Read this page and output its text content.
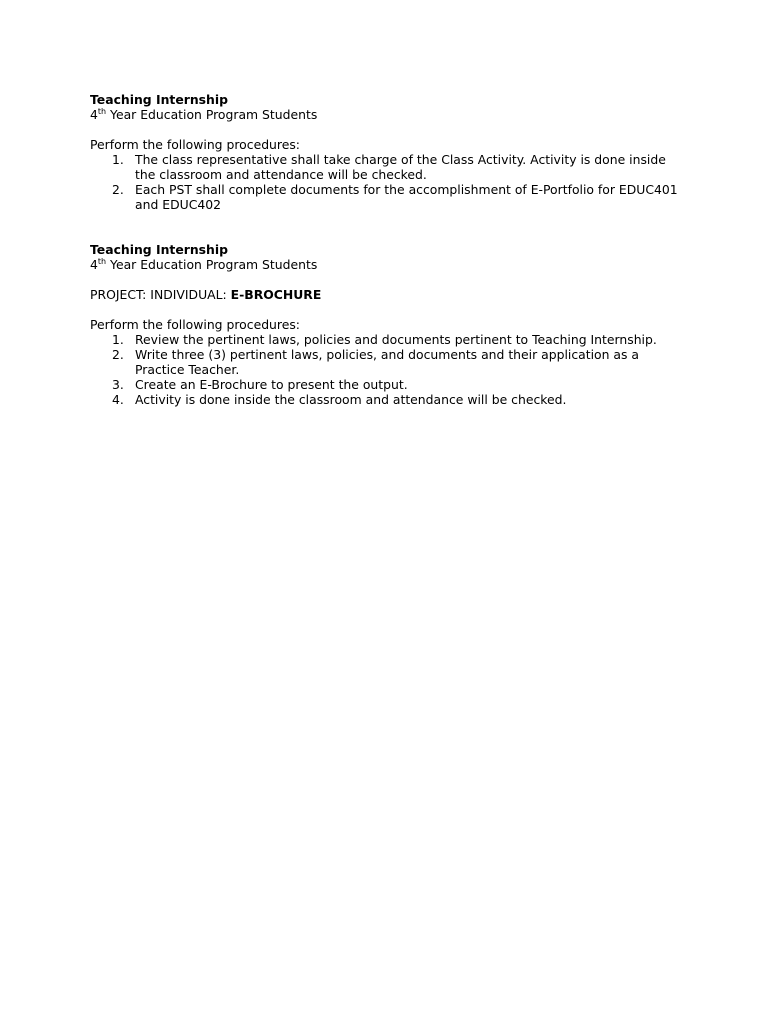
Teaching Internship

4th Year Education Program Students

Perform the following procedures:

1. The class representative shall take charge of the Class Activity. Activity is done inside the classroom and attendance will be checked.
2. Each PST shall complete documents for the accomplishment of E-Portfolio for EDUC401 and EDUC402

Teaching Internship

4th Year Education Program Students

PROJECT: INDIVIDUAL: E-BROCHURE

Perform the following procedures:

1. Review the pertinent laws, policies and documents pertinent to Teaching Internship.
2. Write three (3) pertinent laws, policies, and documents and their application as a Practice Teacher.
3. Create an E-Brochure to present the output.
4. Activity is done inside the classroom and attendance will be checked.
